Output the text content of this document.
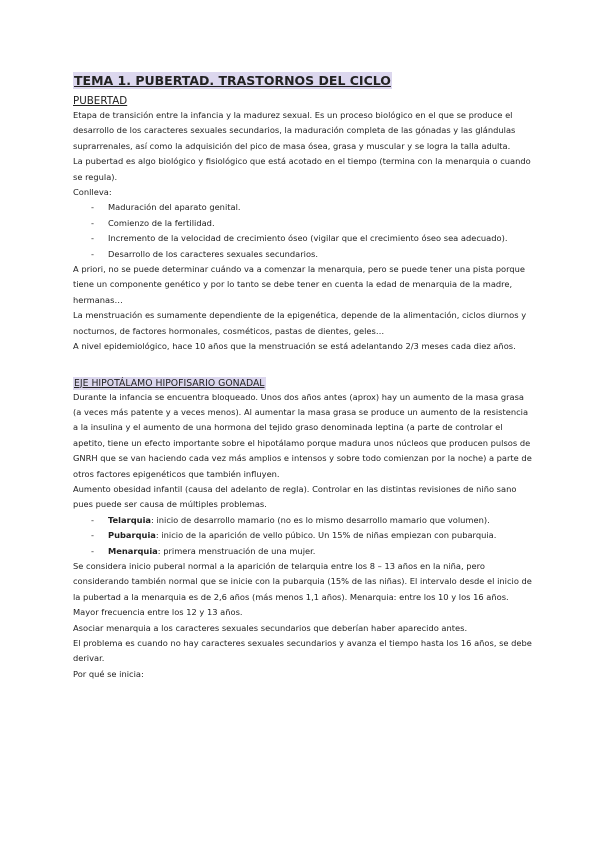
TEMA 1. PUBERTAD. TRASTORNOS DEL CICLO
PUBERTAD

Etapa de transición entre la infancia y la madurez sexual. Es un proceso biológico en el que se produce el desarrollo de los caracteres sexuales secundarios, la maduración completa de las gónadas y las glándulas suprarrenales, así como la adquisición del pico de masa ósea, grasa y muscular y se logra la talla adulta.

La pubertad es algo biológico y fisiológico que está acotado en el tiempo (termina con la menarquia o cuando se regula).

Conlleva:

- Maduración del aparato genital.
- Comienzo de la fertilidad.
- Incremento de la velocidad de crecimiento óseo (vigilar que el crecimiento óseo sea adecuado).
- Desarrollo de los caracteres sexuales secundarios.

A priori, no se puede determinar cuándo va a comenzar la menarquia, pero se puede tener una pista porque tiene un componente genético y por lo tanto se debe tener en cuenta la edad de menarquia de la madre, hermanas…

La menstruación es sumamente dependiente de la epigenética, depende de la alimentación, ciclos diurnos y nocturnos, de factores hormonales, cosméticos, pastas de dientes, geles…

A nivel epidemiológico, hace 10 años que la menstruación se está adelantando 2/3 meses cada diez años.

EJE HIPOTÁLAMO HIPOFISARIO GONADAL

Durante la infancia se encuentra bloqueado. Unos dos años antes (aprox) hay un aumento de la masa grasa (a veces más patente y a veces menos). Al aumentar la masa grasa se produce un aumento de la resistencia a la insulina y el aumento de una hormona del tejido graso denominada leptina (a parte de controlar el apetito, tiene un efecto importante sobre el hipotálamo porque madura unos núcleos que producen pulsos de GNRH que se van haciendo cada vez más amplios e intensos y sobre todo comienzan por la noche) a parte de otros factores epigenéticos que también influyen.

Aumento obesidad infantil (causa del adelanto de regla). Controlar en las distintas revisiones de niño sano pues puede ser causa de múltiples problemas.

- Telarquia: inicio de desarrollo mamario (no es lo mismo desarrollo mamario que volumen).
- Pubarquia: inicio de la aparición de vello púbico. Un 15% de niñas empiezan con pubarquia.
- Menarquia: primera menstruación de una mujer.

Se considera inicio puberal normal a la aparición de telarquia entre los 8 – 13 años en la niña, pero considerando también normal que se inicie con la pubarquia (15% de las niñas). El intervalo desde el inicio de la pubertad a la menarquia es de 2,6 años (más menos 1,1 años). Menarquia: entre los 10 y los 16 años. Mayor frecuencia entre los 12 y 13 años.

Asociar menarquia a los caracteres sexuales secundarios que deberían haber aparecido antes.

El problema es cuando no hay caracteres sexuales secundarios y avanza el tiempo hasta los 16 años, se debe derivar.

Por qué se inicia:
